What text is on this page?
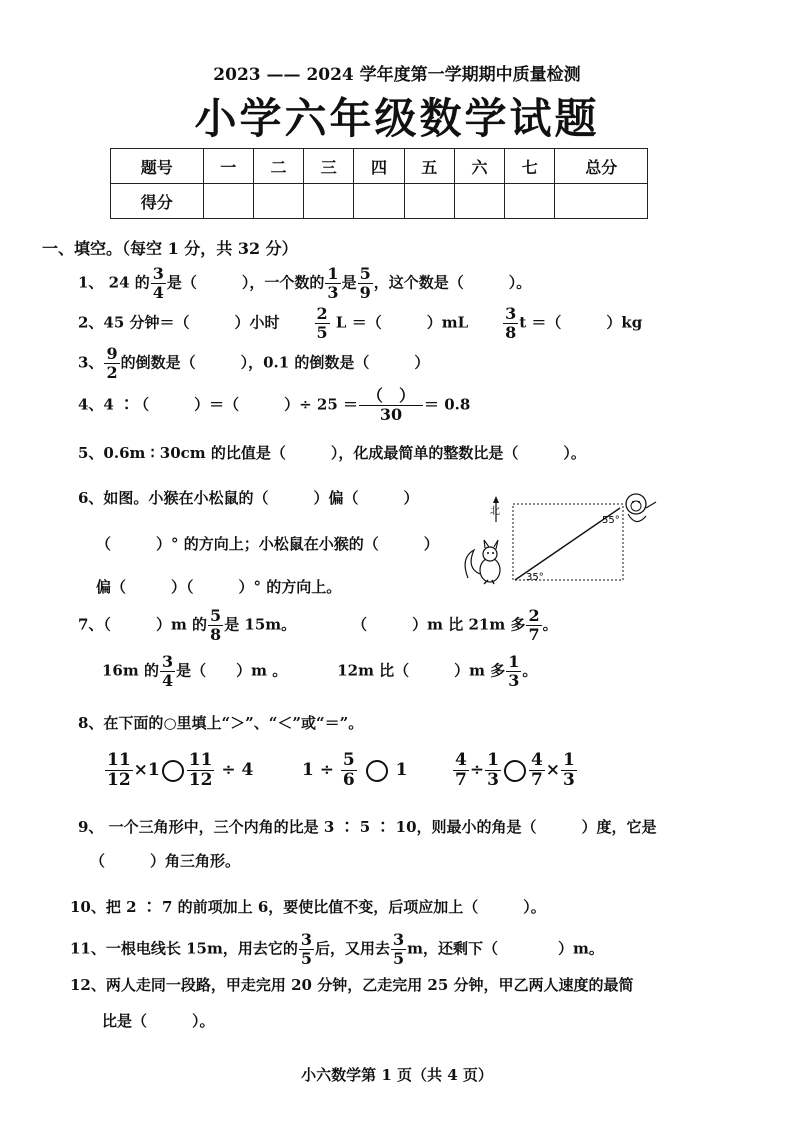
2023 —— 2024 学年度第一学期期中质量检测
小学六年级数学试题
题号	一	二	三	四	五	六	七	总分
得分								
一、填空。（每空 1 分，共 32 分）
1、 24 的 $\frac{3}{4}$ 是（　　　），一个数的 $\frac{1}{3}$ 是 $\frac{5}{9}$ ，这个数是（　　　）。
2、45 分钟＝（　　　）小时 $\frac{2}{5}$ L ＝（　　　）$mL \frac{3}{8}$ t ＝（　　　）kg
3、 $\frac{9}{2}$ 的倒数是（　　　），0.1 的倒数是（　　　）
4、4 ∶（　　　）＝（　　　）÷ $25 = \frac{( )}{30} = 0.8$
5、0.6m ∶ 30cm 的比值是（　　　），化成最简单的整数比是（　　　）。
6、如图。小猴在小松鼠的（　　　）偏（　　　）
（　　　）° 的方向上；小松鼠在小猴的（　　　）
偏（　　　）（　　　）° 的方向上。
北
55°
35°
7、（　　　）m 的 $\frac{5}{8}$ 是 15m。	（　　　）m 比 21m 多 $\frac{2}{7}$ 。
16m 的 $\frac{3}{4}$ 是（　　）m 。	12m 比（　　　）m 多 $\frac{1}{3}$ 。
8、在下面的○里填上“＞”、“＜”或“＝”。
$\frac{11}{12} \times 1 \frac{11}{12} \div 4$	$1 \div \frac{5}{6} 1$	$\frac{4}{7} \div \frac{1}{3} \frac{4}{7} \times \frac{1}{3}$
9、 一个三角形中，三个内角的比是 3 ∶ 5 ∶ 10，则最小的角是（　　　）度，它是
（　　　）角三角形。
10、把 2 ∶ 7 的前项加上 6，要使比值不变，后项应加上（　　　）。
11、一根电线长 15m，用去它的 $\frac{3}{5}$ 后，又用去 $\frac{3}{5}$ m，还剩下（　　　　）m。
12、两人走同一段路，甲走完用 20 分钟，乙走完用 25 分钟，甲乙两人速度的最简
比是（　　　）。
小六数学第 1 页（共 4 页）
